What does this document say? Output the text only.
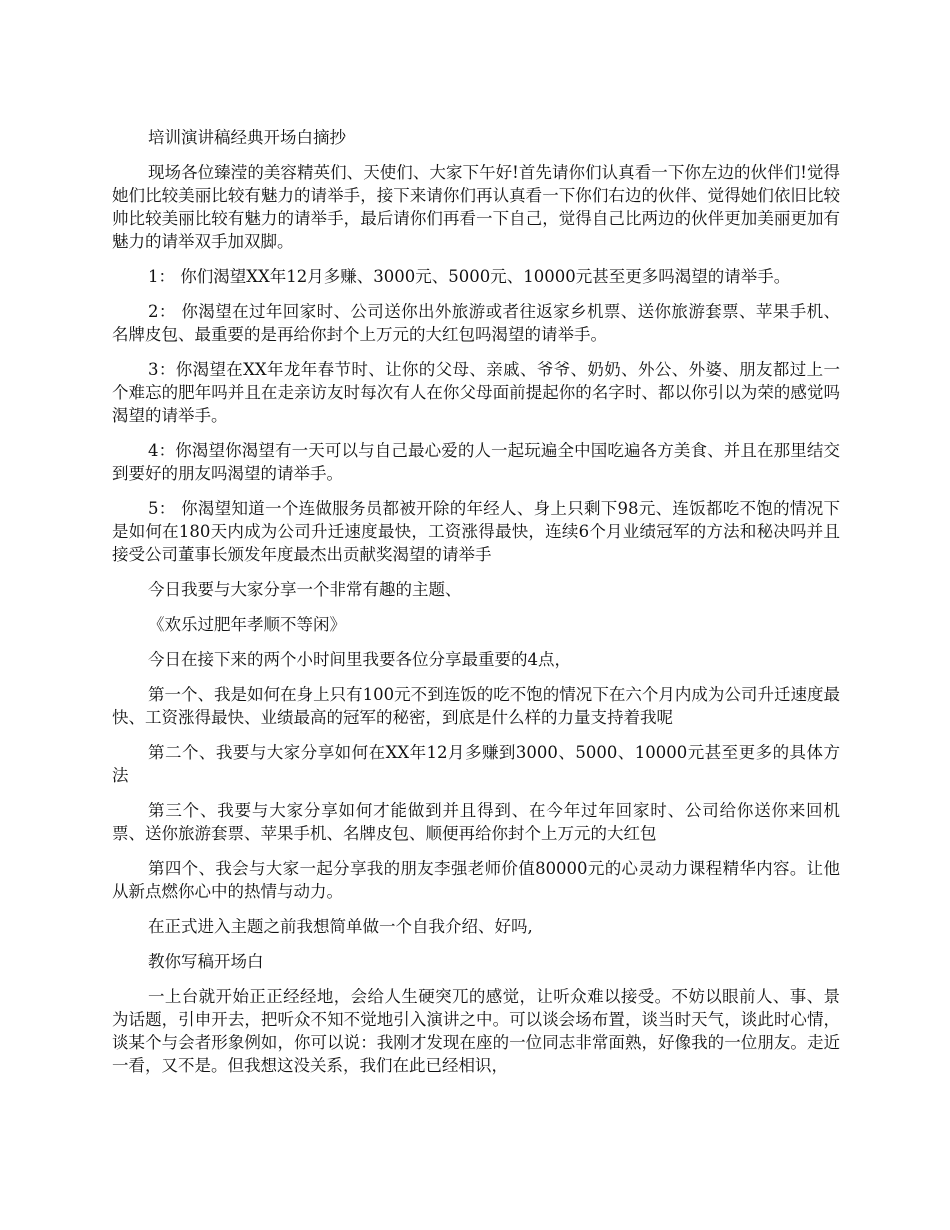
培训演讲稿经典开场白摘抄

现场各位臻滢的美容精英们、天使们、大家下午好!首先请你们认真看一下你左边的伙伴们!觉得她们比较美丽比较有魅力的请举手，接下来请你们再认真看一下你们右边的伙伴、觉得她们依旧比较帅比较美丽比较有魅力的请举手，最后请你们再看一下自己，觉得自己比两边的伙伴更加美丽更加有魅力的请举双手加双脚。

1： 你们渴望XX年12月多赚、3000元、5000元、10000元甚至更多吗渴望的请举手。

2： 你渴望在过年回家时、公司送你出外旅游或者往返家乡机票、送你旅游套票、苹果手机、名牌皮包、最重要的是再给你封个上万元的大红包吗渴望的请举手。

3：你渴望在XX年龙年春节时、让你的父母、亲戚、爷爷、奶奶、外公、外婆、朋友都过上一个难忘的肥年吗并且在走亲访友时每次有人在你父母面前提起你的名字时、都以你引以为荣的感觉吗渴望的请举手。

4：你渴望你渴望有一天可以与自己最心爱的人一起玩遍全中国吃遍各方美食、并且在那里结交到要好的朋友吗渴望的请举手。

5： 你渴望知道一个连做服务员都被开除的年经人、身上只剩下98元、连饭都吃不饱的情况下是如何在180天内成为公司升迁速度最快，工资涨得最快，连续6个月业绩冠军的方法和秘决吗并且接受公司董事长颁发年度最杰出贡献奖渴望的请举手

今日我要与大家分享一个非常有趣的主题、

《欢乐过肥年孝顺不等闲》

今日在接下来的两个小时间里我要各位分享最重要的4点，

第一个、我是如何在身上只有100元不到连饭的吃不饱的情况下在六个月内成为公司升迁速度最快、工资涨得最快、业绩最高的冠军的秘密，到底是什么样的力量支持着我呢

第二个、我要与大家分享如何在XX年12月多赚到3000、5000、10000元甚至更多的具体方法

第三个、我要与大家分享如何才能做到并且得到、在今年过年回家时、公司给你送你来回机票、送你旅游套票、苹果手机、名牌皮包、顺便再给你封个上万元的大红包

第四个、我会与大家一起分享我的朋友李强老师价值80000元的心灵动力课程精华内容。让他从新点燃你心中的热情与动力。

在正式进入主题之前我想简单做一个自我介绍、好吗,

教你写稿开场白

一上台就开始正正经经地，会给人生硬突兀的感觉，让听众难以接受。不妨以眼前人、事、景为话题，引申开去，把听众不知不觉地引入演讲之中。可以谈会场布置，谈当时天气，谈此时心情，谈某个与会者形象例如，你可以说：我刚才发现在座的一位同志非常面熟，好像我的一位朋友。走近一看，又不是。但我想这没关系，我们在此已经相识，
